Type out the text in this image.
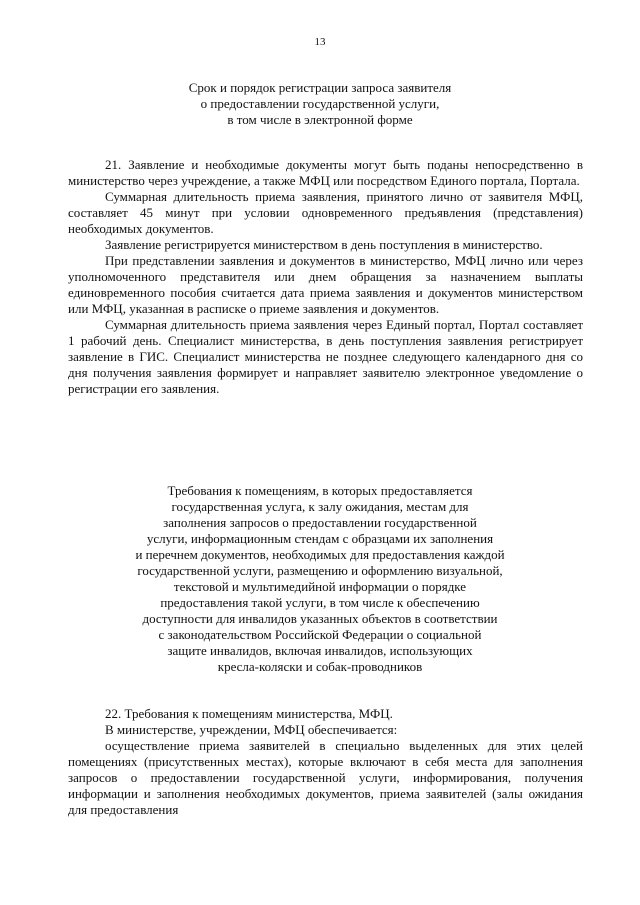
13
Срок и порядок регистрации запроса заявителя
о предоставлении государственной услуги,
в том числе в электронной форме

21. Заявление и необходимые документы могут быть поданы непосредственно в министерство через учреждение, а также МФЦ или посредством Единого портала, Портала.

Суммарная длительность приема заявления, принятого лично от заявителя МФЦ, составляет 45 минут при условии одновременного предъявления (представления) необходимых документов.

Заявление регистрируется министерством в день поступления в министерство.

При представлении заявления и документов в министерство, МФЦ лично или через уполномоченного представителя или днем обращения за назначением выплаты единовременного пособия считается дата приема заявления и документов министерством или МФЦ, указанная в расписке о приеме заявления и документов.

Суммарная длительность приема заявления через Единый портал, Портал составляет 1 рабочий день. Специалист министерства, в день поступления заявления регистрирует заявление в ГИС. Специалист министерства не позднее следующего календарного дня со дня получения заявления формирует и направляет заявителю электронное уведомление о регистрации его заявления.

Требования к помещениям, в которых предоставляется
государственная услуга, к залу ожидания, местам для
заполнения запросов о предоставлении государственной
услуги, информационным стендам с образцами их заполнения
и перечнем документов, необходимых для предоставления каждой
государственной услуги, размещению и оформлению визуальной,
текстовой и мультимедийной информации о порядке
предоставления такой услуги, в том числе к обеспечению
доступности для инвалидов указанных объектов в соответствии
с законодательством Российской Федерации о социальной
защите инвалидов, включая инвалидов, использующих
кресла-коляски и собак-проводников

22. Требования к помещениям министерства, МФЦ.

В министерстве, учреждении, МФЦ обеспечивается:

осуществление приема заявителей в специально выделенных для этих целей помещениях (присутственных местах), которые включают в себя места для заполнения запросов о предоставлении государственной услуги, информирования, получения информации и заполнения необходимых документов, приема заявителей (залы ожидания для предоставления
